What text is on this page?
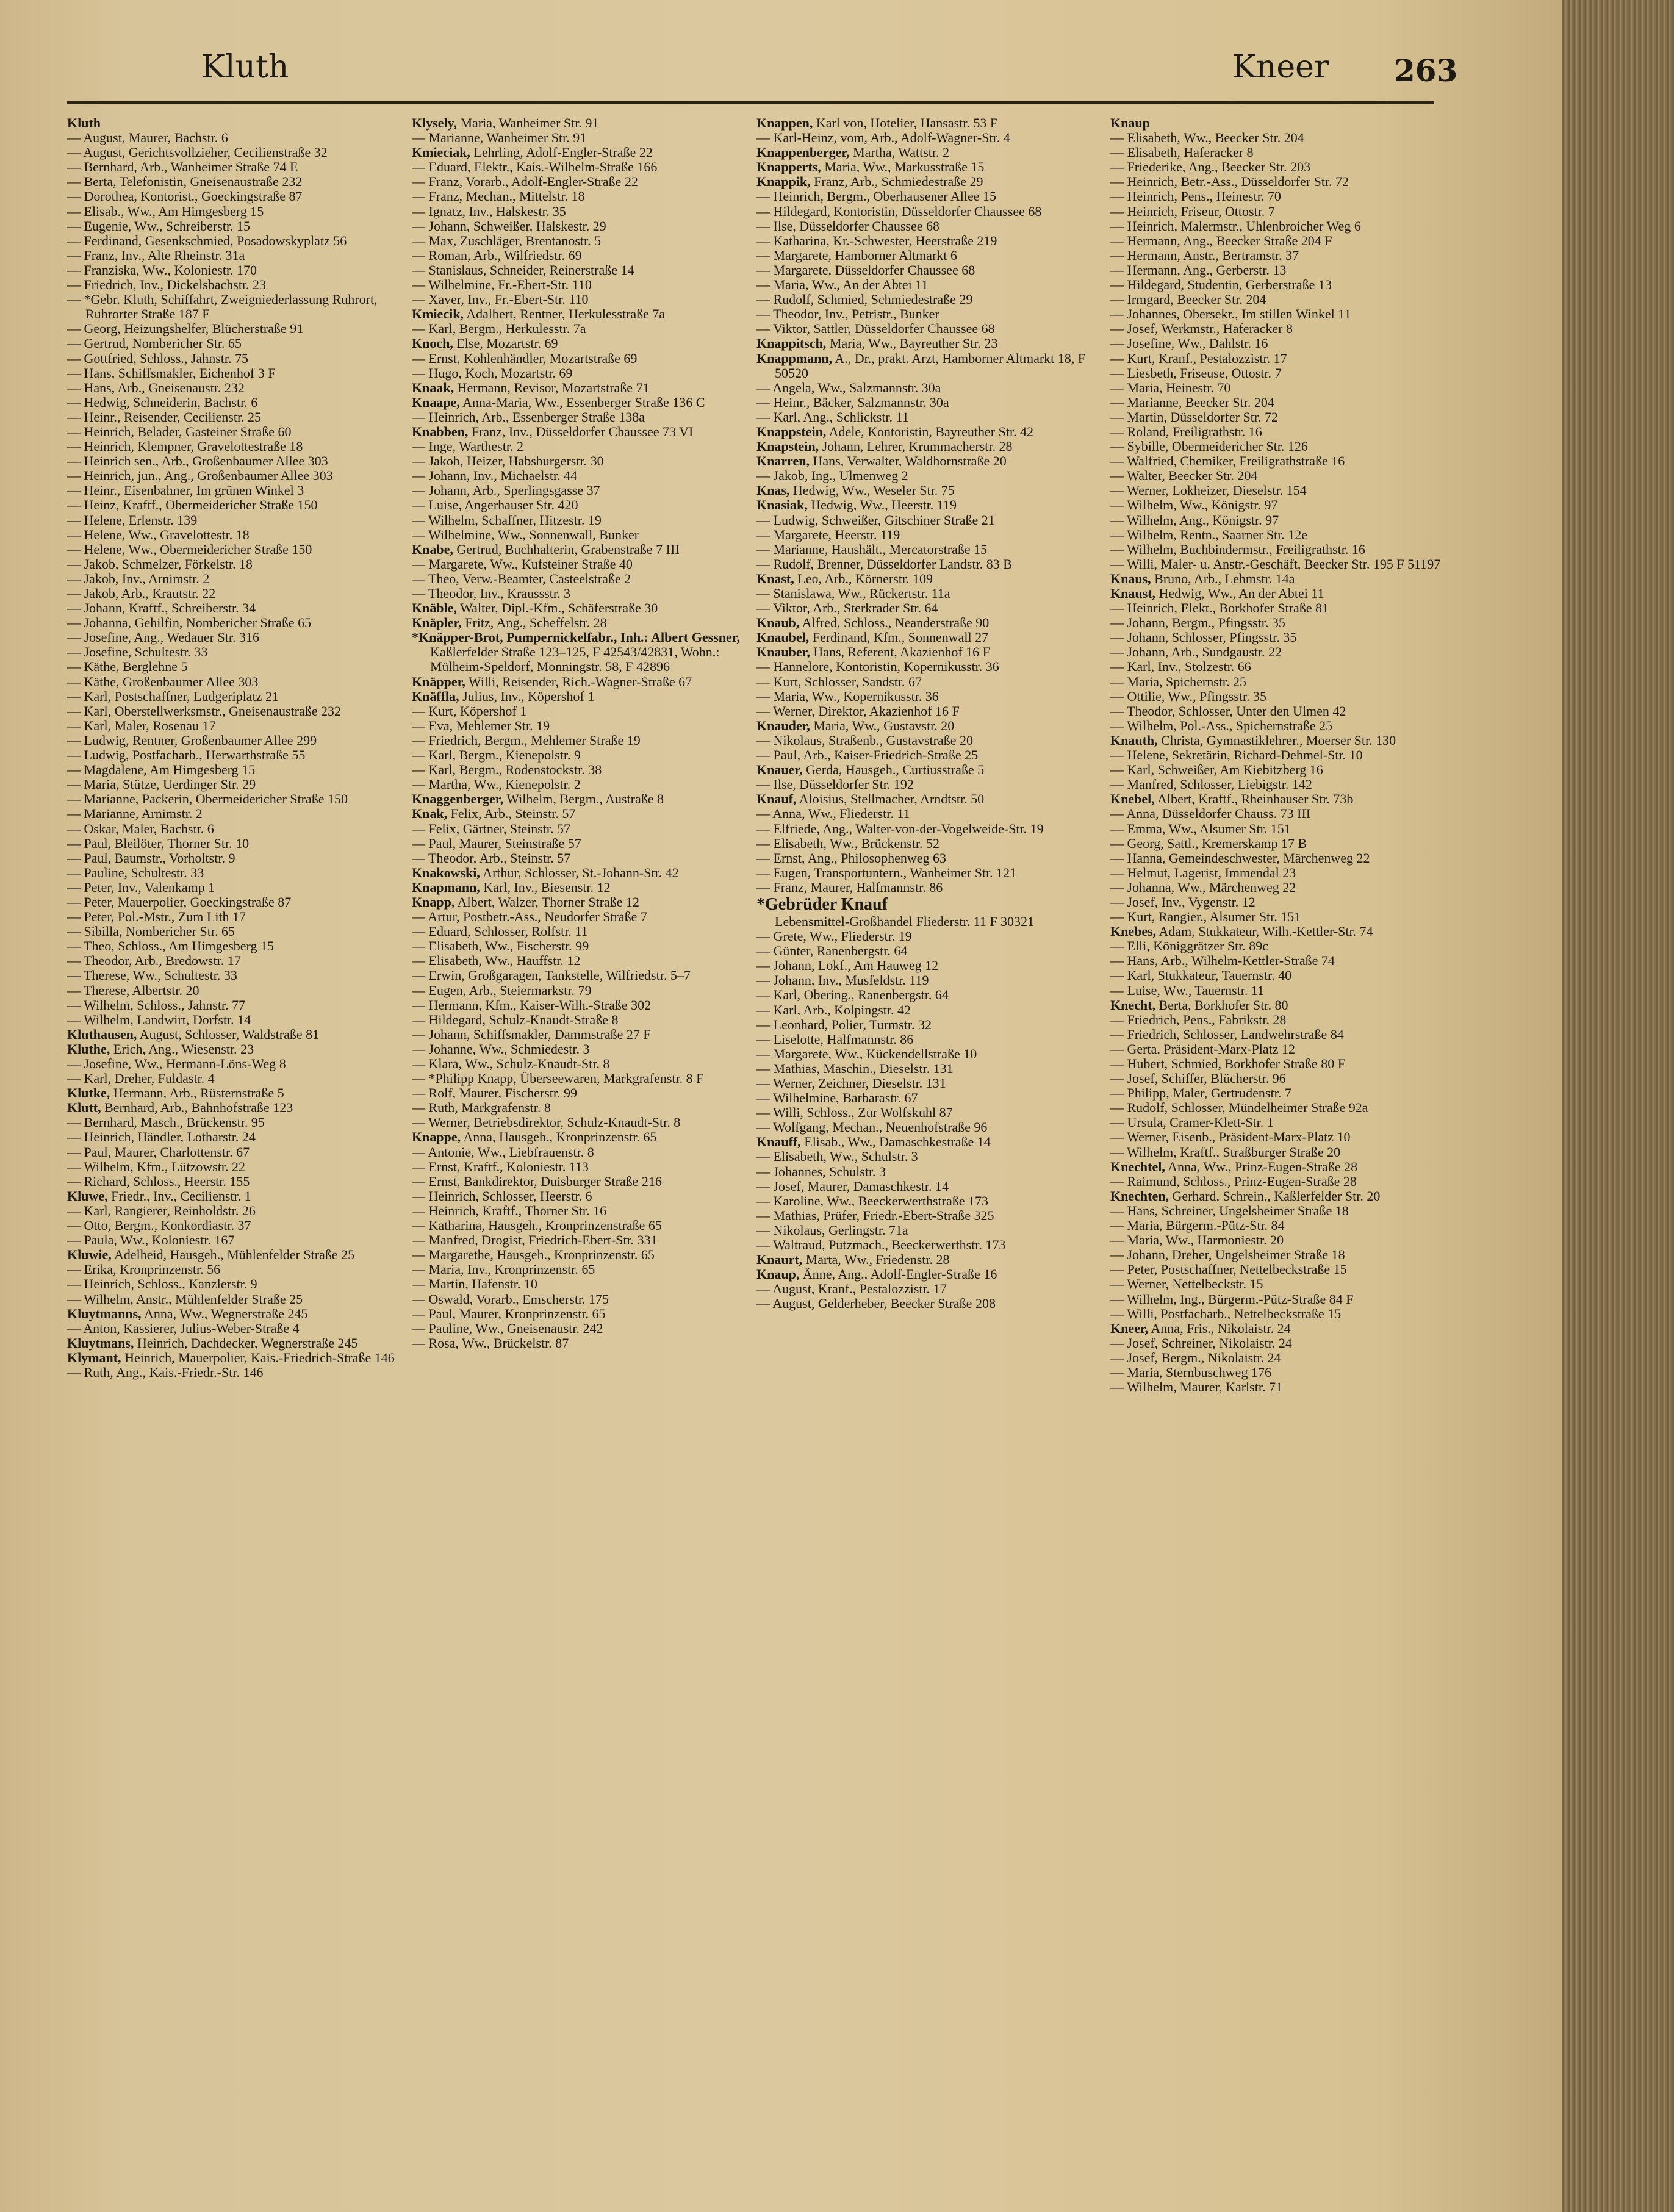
Kluth	Kneer 263
Kluth
— August, Maurer, Bachstr. 6
— August, Gerichtsvollzieher, Cecilienstraße 32
— Bernhard, Arb., Wanheimer Straße 74 E
— Berta, Telefonistin, Gneisenaustraße 232
— Dorothea, Kontorist., Goeckingstraße 87
— Elisab., Ww., Am Himgesberg 15
— Eugenie, Ww., Schreiberstr. 15
— Ferdinand, Gesenkschmied, Posadowskyplatz 56
— Franz, Inv., Alte Rheinstr. 31a
— Franziska, Ww., Koloniestr. 170
— Friedrich, Inv., Dickelsbachstr. 23
— *Gebr. Kluth, Schiffahrt, Zweigniederlassung Ruhrort, Ruhrorter Straße 187 F
— Georg, Heizungshelfer, Blücherstraße 91
— Gertrud, Nombericher Str. 65
— Gottfried, Schloss., Jahnstr. 75
— Hans, Schiffsmakler, Eichenhof 3 F
— Hans, Arb., Gneisenaustr. 232
— Hedwig, Schneiderin, Bachstr. 6
— Heinr., Reisender, Cecilienstr. 25
— Heinrich, Belader, Gasteiner Straße 60
— Heinrich, Klempner, Gravelottestraße 18
— Heinrich sen., Arb., Großenbaumer Allee 303
— Heinrich, jun., Ang., Großenbaumer Allee 303
— Heinr., Eisenbahner, Im grünen Winkel 3
— Heinz, Kraftf., Obermeidericher Straße 150
— Helene, Erlenstr. 139
— Helene, Ww., Gravelottestr. 18
— Helene, Ww., Obermeidericher Straße 150
— Jakob, Schmelzer, Förkelstr. 18
— Jakob, Inv., Arnimstr. 2
— Jakob, Arb., Krautstr. 22
— Johann, Kraftf., Schreiberstr. 34
— Johanna, Gehilfin, Nombericher Straße 65
— Josefine, Ang., Wedauer Str. 316
— Josefine, Schultestr. 33
— Käthe, Berglehne 5
— Käthe, Großenbaumer Allee 303
— Karl, Postschaffner, Ludgeriplatz 21
— Karl, Oberstellwerksmstr., Gneisenaustraße 232
— Karl, Maler, Rosenau 17
— Ludwig, Rentner, Großenbaumer Allee 299
— Ludwig, Postfacharb., Herwarthstraße 55
— Magdalene, Am Himgesberg 15
— Maria, Stütze, Uerdinger Str. 29
— Marianne, Packerin, Obermeidericher Straße 150
— Marianne, Arnimstr. 2
— Oskar, Maler, Bachstr. 6
— Paul, Bleilöter, Thorner Str. 10
— Paul, Baumstr., Vorholtstr. 9
— Pauline, Schultestr. 33
— Peter, Inv., Valenkamp 1
— Peter, Mauerpolier, Goeckingstraße 87
— Peter, Pol.-Mstr., Zum Lith 17
— Sibilla, Nombericher Str. 65
— Theo, Schloss., Am Himgesberg 15
— Theodor, Arb., Bredowstr. 17
— Therese, Ww., Schultestr. 33
— Therese, Albertstr. 20
— Wilhelm, Schloss., Jahnstr. 77
— Wilhelm, Landwirt, Dorfstr. 14
Kluthausen, August, Schlosser, Waldstraße 81
Kluthe, Erich, Ang., Wiesenstr. 23
— Josefine, Ww., Hermann-Löns-Weg 8
— Karl, Dreher, Fuldastr. 4
Klutke, Hermann, Arb., Rüsternstraße 5
Klutt, Bernhard, Arb., Bahnhofstraße 123
— Bernhard, Masch., Brückenstr. 95
— Heinrich, Händler, Lotharstr. 24
— Paul, Maurer, Charlottenstr. 67
— Wilhelm, Kfm., Lützowstr. 22
— Richard, Schloss., Heerstr. 155
Kluwe, Friedr., Inv., Cecilienstr. 1
— Karl, Rangierer, Reinholdstr. 26
— Otto, Bergm., Konkordiastr. 37
— Paula, Ww., Koloniestr. 167
Kluwie, Adelheid, Hausgeh., Mühlenfelder Straße 25
— Erika, Kronprinzenstr. 56
— Heinrich, Schloss., Kanzlerstr. 9
— Wilhelm, Anstr., Mühlenfelder Straße 25
Kluytmanns, Anna, Ww., Wegnerstraße 245
— Anton, Kassierer, Julius-Weber-Straße 4
Kluytmans, Heinrich, Dachdecker, Wegnerstraße 245
Klymant, Heinrich, Mauerpolier, Kais.-Friedrich-Straße 146
— Ruth, Ang., Kais.-Friedr.-Str. 146
Klysely, Maria, Wanheimer Str. 91
— Marianne, Wanheimer Str. 91
Kmieciak, Lehrling, Adolf-Engler-Straße 22
— Eduard, Elektr., Kais.-Wilhelm-Straße 166
— Franz, Vorarb., Adolf-Engler-Straße 22
— Franz, Mechan., Mittelstr. 18
— Ignatz, Inv., Halskestr. 35
— Johann, Schweißer, Halskestr. 29
— Max, Zuschläger, Brentanostr. 5
— Roman, Arb., Wilfriedstr. 69
— Stanislaus, Schneider, Reinerstraße 14
— Wilhelmine, Fr.-Ebert-Str. 110
— Xaver, Inv., Fr.-Ebert-Str. 110
Kmiecik, Adalbert, Rentner, Herkulesstraße 7a
— Karl, Bergm., Herkulesstr. 7a
Knoch, Else, Mozartstr. 69
— Ernst, Kohlenhändler, Mozartstraße 69
— Hugo, Koch, Mozartstr. 69
Knaak, Hermann, Revisor, Mozartstraße 71
Knaape, Anna-Maria, Ww., Essenberger Straße 136 C
— Heinrich, Arb., Essenberger Straße 138a
Knabben, Franz, Inv., Düsseldorfer Chaussee 73 VI
— Inge, Warthestr. 2
— Jakob, Heizer, Habsburgerstr. 30
— Johann, Inv., Michaelstr. 44
— Johann, Arb., Sperlingsgasse 37
— Luise, Angerhauser Str. 420
— Wilhelm, Schaffner, Hitzestr. 19
— Wilhelmine, Ww., Sonnenwall, Bunker
Knabe, Gertrud, Buchhalterin, Grabenstraße 7 III
— Margarete, Ww., Kufsteiner Straße 40
— Theo, Verw.-Beamter, Casteelstraße 2
— Theodor, Inv., Kraussstr. 3
Knäble, Walter, Dipl.-Kfm., Schäferstraße 30
Knäpler, Fritz, Ang., Scheffelstr. 28
*Knäpper-Brot, Pumpernickelfabr., Inh.: Albert Gessner, Kaßlerfelder Straße 123–125, F 42543/42831, Wohn.: Mülheim-Speldorf, Monningstr. 58, F 42896
Knäpper, Willi, Reisender, Rich.-Wagner-Straße 67
Knäffla, Julius, Inv., Köpershof 1
— Kurt, Köpershof 1
— Eva, Mehlemer Str. 19
— Friedrich, Bergm., Mehlemer Straße 19
— Karl, Bergm., Kienepolstr. 9
— Karl, Bergm., Rodenstockstr. 38
— Martha, Ww., Kienepolstr. 2
Knaggenberger, Wilhelm, Bergm., Austraße 8
Knak, Felix, Arb., Steinstr. 57
— Felix, Gärtner, Steinstr. 57
— Paul, Maurer, Steinstraße 57
— Theodor, Arb., Steinstr. 57
Knakowski, Arthur, Schlosser, St.-Johann-Str. 42
Knapmann, Karl, Inv., Biesenstr. 12
Knapp, Albert, Walzer, Thorner Straße 12
— Artur, Postbetr.-Ass., Neudorfer Straße 7
— Eduard, Schlosser, Rolfstr. 11
— Elisabeth, Ww., Fischerstr. 99
— Elisabeth, Ww., Hauffstr. 12
— Erwin, Großgaragen, Tankstelle, Wilfriedstr. 5–7
— Eugen, Arb., Steiermarkstr. 79
— Hermann, Kfm., Kaiser-Wilh.-Straße 302
— Hildegard, Schulz-Knaudt-Straße 8
— Johann, Schiffsmakler, Dammstraße 27 F
— Johanne, Ww., Schmiedestr. 3
— Klara, Ww., Schulz-Knaudt-Str. 8
— *Philipp Knapp, Überseewaren, Markgrafenstr. 8 F
— Rolf, Maurer, Fischerstr. 99
— Ruth, Markgrafenstr. 8
— Werner, Betriebsdirektor, Schulz-Knaudt-Str. 8
Knappe, Anna, Hausgeh., Kronprinzenstr. 65
— Antonie, Ww., Liebfrauenstr. 8
— Ernst, Kraftf., Koloniestr. 113
— Ernst, Bankdirektor, Duisburger Straße 216
— Heinrich, Schlosser, Heerstr. 6
— Heinrich, Kraftf., Thorner Str. 16
— Katharina, Hausgeh., Kronprinzenstraße 65
— Manfred, Drogist, Friedrich-Ebert-Str. 331
— Margarethe, Hausgeh., Kronprinzenstr. 65
— Maria, Inv., Kronprinzenstr. 65
— Martin, Hafenstr. 10
— Oswald, Vorarb., Emscherstr. 175
— Paul, Maurer, Kronprinzenstr. 65
— Pauline, Ww., Gneisenaustr. 242
— Rosa, Ww., Brückelstr. 87
Knappen, Karl von, Hotelier, Hansastr. 53 F
— Karl-Heinz, vom, Arb., Adolf-Wagner-Str. 4
Knappenberger, Martha, Wattstr. 2
Knapperts, Maria, Ww., Markusstraße 15
Knappik, Franz, Arb., Schmiedestraße 29
— Heinrich, Bergm., Oberhausener Allee 15
— Hildegard, Kontoristin, Düsseldorfer Chaussee 68
— Ilse, Düsseldorfer Chaussee 68
— Katharina, Kr.-Schwester, Heerstraße 219
— Margarete, Hamborner Altmarkt 6
— Margarete, Düsseldorfer Chaussee 68
— Maria, Ww., An der Abtei 11
— Rudolf, Schmied, Schmiedestraße 29
— Theodor, Inv., Petristr., Bunker
— Viktor, Sattler, Düsseldorfer Chaussee 68
Knappitsch, Maria, Ww., Bayreuther Str. 23
Knappmann, A., Dr., prakt. Arzt, Hamborner Altmarkt 18, F 50520
— Angela, Ww., Salzmannstr. 30a
— Heinr., Bäcker, Salzmannstr. 30a
— Karl, Ang., Schlickstr. 11
Knappstein, Adele, Kontoristin, Bayreuther Str. 42
Knapstein, Johann, Lehrer, Krummacherstr. 28
Knarren, Hans, Verwalter, Waldhornstraße 20
— Jakob, Ing., Ulmenweg 2
Knas, Hedwig, Ww., Weseler Str. 75
Knasiak, Hedwig, Ww., Heerstr. 119
— Ludwig, Schweißer, Gitschiner Straße 21
— Margarete, Heerstr. 119
— Marianne, Haushält., Mercatorstraße 15
— Rudolf, Brenner, Düsseldorfer Landstr. 83 B
Knast, Leo, Arb., Körnerstr. 109
— Stanislawa, Ww., Rückertstr. 11a
— Viktor, Arb., Sterkrader Str. 64
Knaub, Alfred, Schloss., Neanderstraße 90
Knaubel, Ferdinand, Kfm., Sonnenwall 27
Knauber, Hans, Referent, Akazienhof 16 F
— Hannelore, Kontoristin, Kopernikusstr. 36
— Kurt, Schlosser, Sandstr. 67
— Maria, Ww., Kopernikusstr. 36
— Werner, Direktor, Akazienhof 16 F
Knauder, Maria, Ww., Gustavstr. 20
— Nikolaus, Straßenb., Gustavstraße 20
— Paul, Arb., Kaiser-Friedrich-Straße 25
Knauer, Gerda, Hausgeh., Curtiusstraße 5
— Ilse, Düsseldorfer Str. 192
Knauf, Aloisius, Stellmacher, Arndtstr. 50
— Anna, Ww., Fliederstr. 11
— Elfriede, Ang., Walter-von-der-Vogelweide-Str. 19
— Elisabeth, Ww., Brückenstr. 52
— Ernst, Ang., Philosophenweg 63
— Eugen, Transportuntern., Wanheimer Str. 121
— Franz, Maurer, Halfmannstr. 86
*Gebrüder Knauf
Lebensmittel-Großhandel Fliederstr. 11 F 30321
— Grete, Ww., Fliederstr. 19
— Günter, Ranenbergstr. 64
— Johann, Lokf., Am Hauweg 12
— Johann, Inv., Musfeldstr. 119
— Karl, Obering., Ranenbergstr. 64
— Karl, Arb., Kolpingstr. 42
— Leonhard, Polier, Turmstr. 32
— Liselotte, Halfmannstr. 86
— Margarete, Ww., Kückendellstraße 10
— Mathias, Maschin., Dieselstr. 131
— Werner, Zeichner, Dieselstr. 131
— Wilhelmine, Barbarastr. 67
— Willi, Schloss., Zur Wolfskuhl 87
— Wolfgang, Mechan., Neuenhofstraße 96
Knauff, Elisab., Ww., Damaschkestraße 14
— Elisabeth, Ww., Schulstr. 3
— Johannes, Schulstr. 3
— Josef, Maurer, Damaschkestr. 14
— Karoline, Ww., Beeckerwerthstraße 173
— Mathias, Prüfer, Friedr.-Ebert-Straße 325
— Nikolaus, Gerlingstr. 71a
— Waltraud, Putzmach., Beeckerwerthstr. 173
Knaurt, Marta, Ww., Friedenstr. 28
Knaup, Änne, Ang., Adolf-Engler-Straße 16
— August, Kranf., Pestalozzistr. 17
— August, Gelderheber, Beecker Straße 208
Knaup
— Elisabeth, Ww., Beecker Str. 204
— Elisabeth, Haferacker 8
— Friederike, Ang., Beecker Str. 203
— Heinrich, Betr.-Ass., Düsseldorfer Str. 72
— Heinrich, Pens., Heinestr. 70
— Heinrich, Friseur, Ottostr. 7
— Heinrich, Malermstr., Uhlenbroicher Weg 6
— Hermann, Ang., Beecker Straße 204 F
— Hermann, Anstr., Bertramstr. 37
— Hermann, Ang., Gerberstr. 13
— Hildegard, Studentin, Gerberstraße 13
— Irmgard, Beecker Str. 204
— Johannes, Obersekr., Im stillen Winkel 11
— Josef, Werkmstr., Haferacker 8
— Josefine, Ww., Dahlstr. 16
— Kurt, Kranf., Pestalozzistr. 17
— Liesbeth, Friseuse, Ottostr. 7
— Maria, Heinestr. 70
— Marianne, Beecker Str. 204
— Martin, Düsseldorfer Str. 72
— Roland, Freiligrathstr. 16
— Sybille, Obermeidericher Str. 126
— Walfried, Chemiker, Freiligrathstraße 16
— Walter, Beecker Str. 204
— Werner, Lokheizer, Dieselstr. 154
— Wilhelm, Ww., Königstr. 97
— Wilhelm, Ang., Königstr. 97
— Wilhelm, Rentn., Saarner Str. 12e
— Wilhelm, Buchbindermstr., Freiligrathstr. 16
— Willi, Maler- u. Anstr.-Geschäft, Beecker Str. 195 F 51197
Knaus, Bruno, Arb., Lehmstr. 14a
Knaust, Hedwig, Ww., An der Abtei 11
— Heinrich, Elekt., Borkhofer Straße 81
— Johann, Bergm., Pfingsstr. 35
— Johann, Schlosser, Pfingsstr. 35
— Johann, Arb., Sundgaustr. 22
— Karl, Inv., Stolzestr. 66
— Maria, Spichernstr. 25
— Ottilie, Ww., Pfingsstr. 35
— Theodor, Schlosser, Unter den Ulmen 42
— Wilhelm, Pol.-Ass., Spichernstraße 25
Knauth, Christa, Gymnastiklehrer., Moerser Str. 130
— Helene, Sekretärin, Richard-Dehmel-Str. 10
— Karl, Schweißer, Am Kiebitzberg 16
— Manfred, Schlosser, Liebigstr. 142
Knebel, Albert, Kraftf., Rheinhauser Str. 73b
— Anna, Düsseldorfer Chauss. 73 III
— Emma, Ww., Alsumer Str. 151
— Georg, Sattl., Kremerskamp 17 B
— Hanna, Gemeindeschwester, Märchenweg 22
— Helmut, Lagerist, Immendal 23
— Johanna, Ww., Märchenweg 22
— Josef, Inv., Vygenstr. 12
— Kurt, Rangier., Alsumer Str. 151
Knebes, Adam, Stukkateur, Wilh.-Kettler-Str. 74
— Elli, Königgrätzer Str. 89c
— Hans, Arb., Wilhelm-Kettler-Straße 74
— Karl, Stukkateur, Tauernstr. 40
— Luise, Ww., Tauernstr. 11
Knecht, Berta, Borkhofer Str. 80
— Friedrich, Pens., Fabrikstr. 28
— Friedrich, Schlosser, Landwehrstraße 84
— Gerta, Präsident-Marx-Platz 12
— Hubert, Schmied, Borkhofer Straße 80 F
— Josef, Schiffer, Blücherstr. 96
— Philipp, Maler, Gertrudenstr. 7
— Rudolf, Schlosser, Mündelheimer Straße 92a
— Ursula, Cramer-Klett-Str. 1
— Werner, Eisenb., Präsident-Marx-Platz 10
— Wilhelm, Kraftf., Straßburger Straße 20
Knechtel, Anna, Ww., Prinz-Eugen-Straße 28
— Raimund, Schloss., Prinz-Eugen-Straße 28
Knechten, Gerhard, Schrein., Kaßlerfelder Str. 20
— Hans, Schreiner, Ungelsheimer Straße 18
— Maria, Bürgerm.-Pütz-Str. 84
— Maria, Ww., Harmoniestr. 20
— Johann, Dreher, Ungelsheimer Straße 18
— Peter, Postschaffner, Nettelbeckstraße 15
— Werner, Nettelbeckstr. 15
— Wilhelm, Ing., Bürgerm.-Pütz-Straße 84 F
— Willi, Postfacharb., Nettelbeckstraße 15
Kneer, Anna, Fris., Nikolaistr. 24
— Josef, Schreiner, Nikolaistr. 24
— Josef, Bergm., Nikolaistr. 24
— Maria, Sternbuschweg 176
— Wilhelm, Maurer, Karlstr. 71
